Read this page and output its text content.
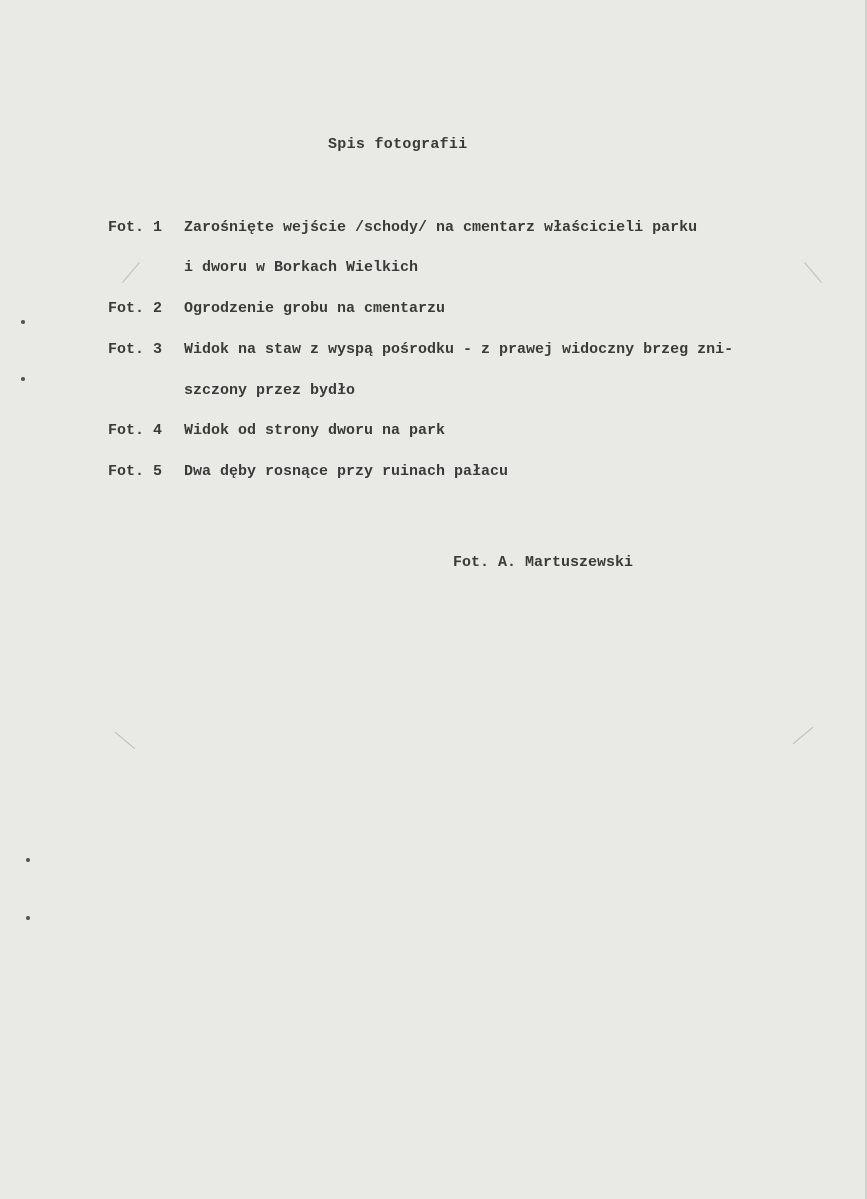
Spis fotografii
Fot. 1 Zarośnięte wejście /schody/ na cmentarz właścicieli parku
i dworu w Borkach Wielkich
Fot. 2 Ogrodzenie grobu na cmentarzu
Fot. 3 Widok na staw z wyspą pośrodku - z prawej widoczny brzeg zni-
szczony przez bydło
Fot. 4 Widok od strony dworu na park
Fot. 5 Dwa dęby rosnące przy ruinach pałacu
Fot. A. Martuszewski
